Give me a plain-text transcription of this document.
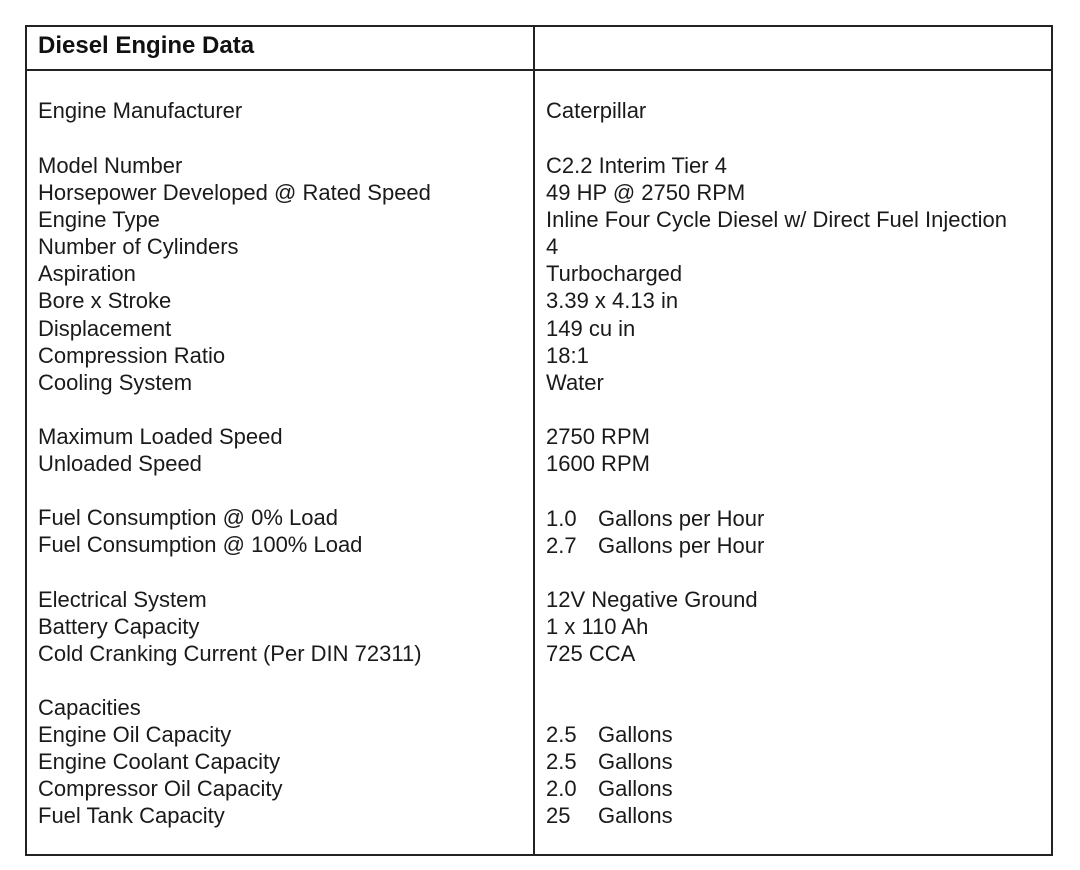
Diesel Engine Data
Engine Manufacturer	Caterpillar
Model Number
Horsepower Developed @ Rated Speed
Engine Type
Number of Cylinders
Aspiration
Bore x Stroke
Displacement
Compression Ratio
Cooling System
C2.2 Interim Tier 4
49 HP @ 2750 RPM
Inline Four Cycle Diesel w/ Direct Fuel Injection
4
Turbocharged
3.39 x 4.13 in
149 cu in
18:1
Water
Maximum Loaded Speed
Unloaded Speed
2750 RPM
1600 RPM
Fuel Consumption @ 0% Load
Fuel Consumption @ 100% Load
1.0 Gallons per Hour
2.7 Gallons per Hour
Electrical System
Battery Capacity
Cold Cranking Current (Per DIN 72311)
12V Negative Ground
1 x 110 Ah
725 CCA
Capacities
Engine Oil Capacity
Engine Coolant Capacity
Compressor Oil Capacity
Fuel Tank Capacity
2.5 Gallons
2.5 Gallons
2.0 Gallons
25 Gallons
